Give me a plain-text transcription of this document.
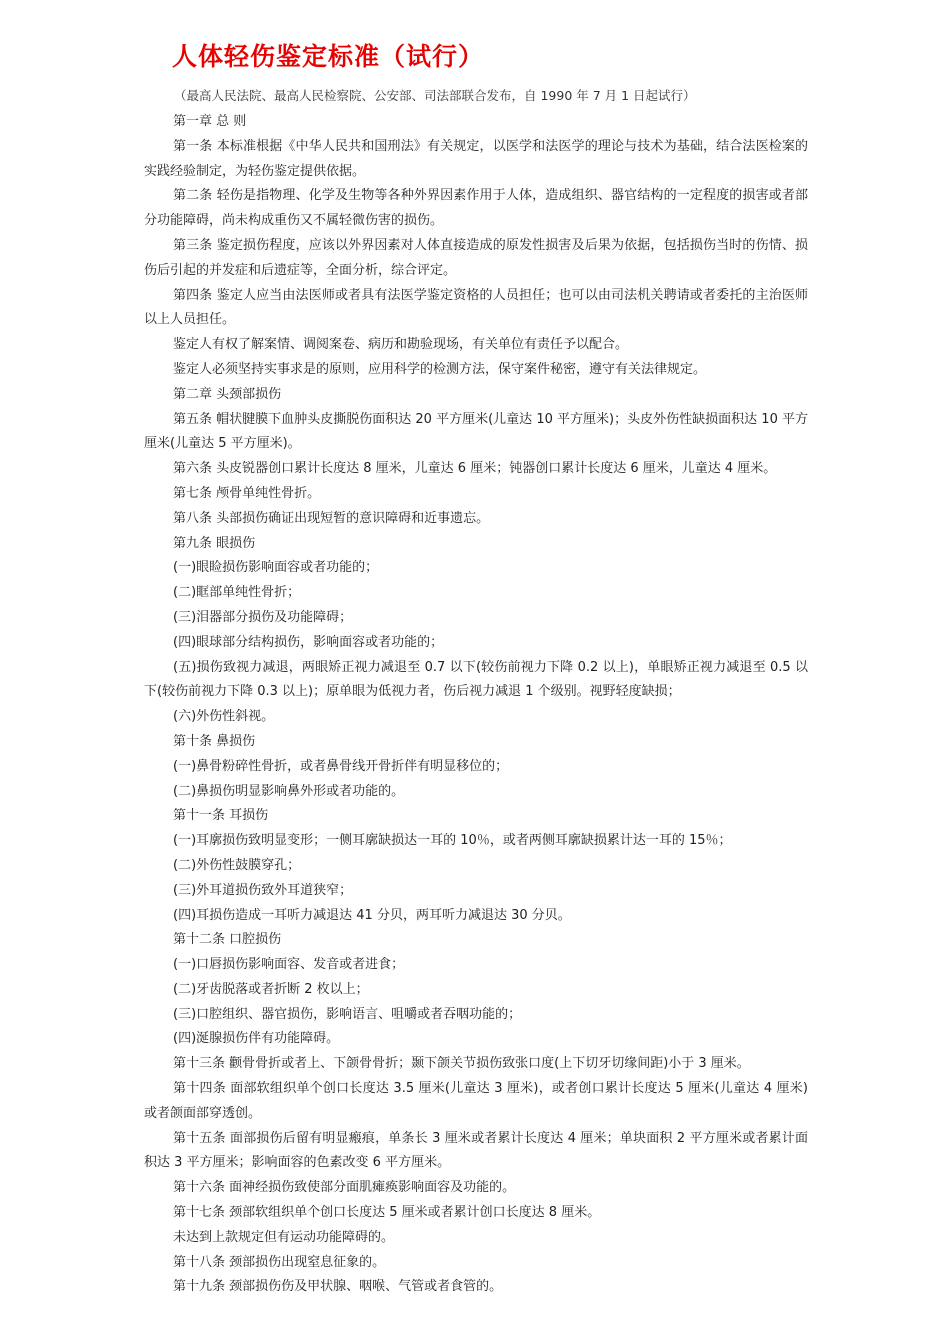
人体轻伤鉴定标准（试行）
（最高人民法院、最高人民检察院、公安部、司法部联合发布，自 1990 年 7 月 1 日起试行）

第一章 总 则

第一条 本标准根据《中华人民共和国刑法》有关规定，以医学和法医学的理论与技术为基础，结合法医检案的实践经验制定，为轻伤鉴定提供依据。

第二条 轻伤是指物理、化学及生物等各种外界因素作用于人体，造成组织、器官结构的一定程度的损害或者部分功能障碍，尚未构成重伤又不属轻微伤害的损伤。

第三条 鉴定损伤程度，应该以外界因素对人体直接造成的原发性损害及后果为依据，包括损伤当时的伤情、损伤后引起的并发症和后遗症等，全面分析，综合评定。

第四条 鉴定人应当由法医师或者具有法医学鉴定资格的人员担任；也可以由司法机关聘请或者委托的主治医师以上人员担任。

鉴定人有权了解案情、调阅案卷、病历和勘验现场，有关单位有责任予以配合。

鉴定人必须坚持实事求是的原则，应用科学的检测方法，保守案件秘密，遵守有关法律规定。

第二章 头颈部损伤

第五条 帽状腱膜下血肿头皮撕脱伤面积达 20 平方厘米(儿童达 10 平方厘米)；头皮外伤性缺损面积达 10 平方厘米(儿童达 5 平方厘米)。

第六条 头皮锐器创口累计长度达 8 厘米，儿童达 6 厘米；钝器创口累计长度达 6 厘米，儿童达 4 厘米。

第七条 颅骨单纯性骨折。

第八条 头部损伤确证出现短暂的意识障碍和近事遗忘。

第九条 眼损伤

(一)眼睑损伤影响面容或者功能的；

(二)眶部单纯性骨折；

(三)泪器部分损伤及功能障碍；

(四)眼球部分结构损伤，影响面容或者功能的；

(五)损伤致视力减退，两眼矫正视力减退至 0.7 以下(较伤前视力下降 0.2 以上)，单眼矫正视力减退至 0.5 以下(较伤前视力下降 0.3 以上)；原单眼为低视力者，伤后视力减退 1 个级别。视野轻度缺损；

(六)外伤性斜视。

第十条 鼻损伤

(一)鼻骨粉碎性骨折，或者鼻骨线开骨折伴有明显移位的；

(二)鼻损伤明显影响鼻外形或者功能的。

第十一条 耳损伤

(一)耳廓损伤致明显变形；一侧耳廓缺损达一耳的 10％，或者两侧耳廓缺损累计达一耳的 15％；

(二)外伤性鼓膜穿孔；

(三)外耳道损伤致外耳道狭窄；

(四)耳损伤造成一耳听力减退达 41 分贝，两耳听力减退达 30 分贝。

第十二条 口腔损伤

(一)口唇损伤影响面容、发音或者进食；

(二)牙齿脱落或者折断 2 枚以上；

(三)口腔组织、器官损伤，影响语言、咀嚼或者吞咽功能的；

(四)涎腺损伤伴有功能障碍。

第十三条 颧骨骨折或者上、下颌骨骨折；颞下颌关节损伤致张口度(上下切牙切缘间距)小于 3 厘米。

第十四条 面部软组织单个创口长度达 3.5 厘米(儿童达 3 厘米)，或者创口累计长度达 5 厘米(儿童达 4 厘米)或者颌面部穿透创。

第十五条 面部损伤后留有明显瘢痕，单条长 3 厘米或者累计长度达 4 厘米；单块面积 2 平方厘米或者累计面积达 3 平方厘米；影响面容的色素改变 6 平方厘米。

第十六条 面神经损伤致使部分面肌瘫痪影响面容及功能的。

第十七条 颈部软组织单个创口长度达 5 厘米或者累计创口长度达 8 厘米。

未达到上款规定但有运动功能障碍的。

第十八条 颈部损伤出现窒息征象的。

第十九条 颈部损伤伤及甲状腺、咽喉、气管或者食管的。
